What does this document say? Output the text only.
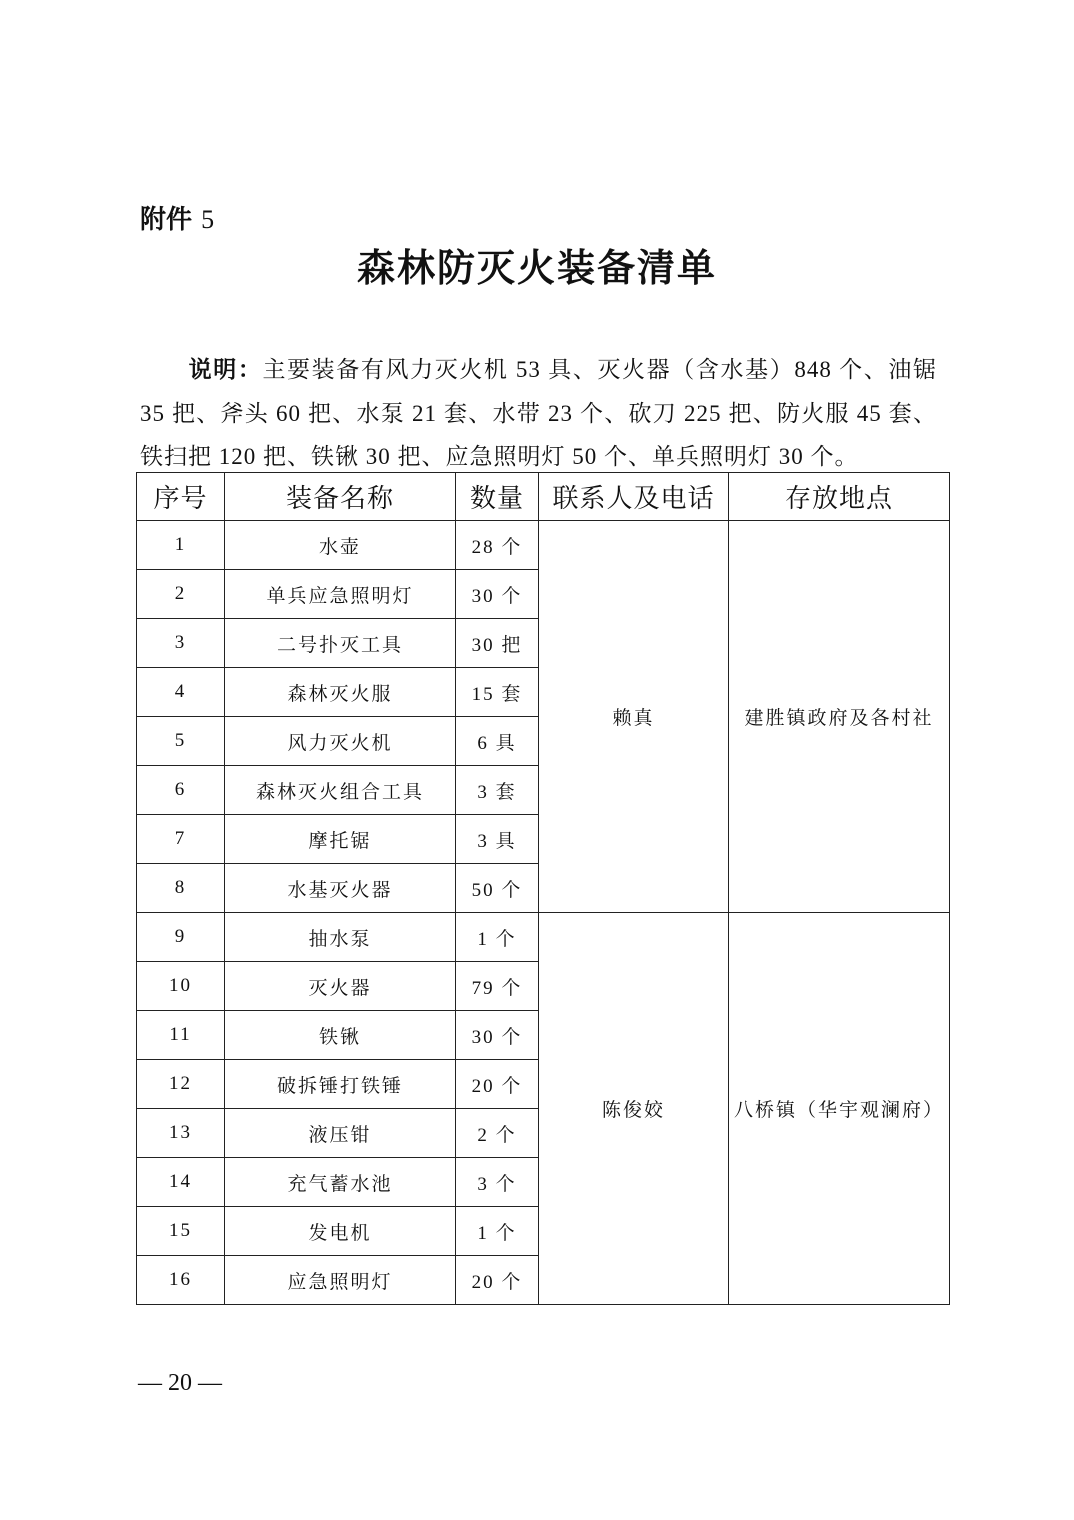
附件 5
森林防灭火装备清单
说明：主要装备有风力灭火机 53 具、灭火器（含水基）848 个、油锯 35 把、斧头 60 把、水泵 21 套、水带 23 个、砍刀 225 把、防火服 45 套、铁扫把 120 把、铁锹 30 把、应急照明灯 50 个、单兵照明灯 30 个。
序号	装备名称	数量	联系人及电话	存放地点
1	水壶	28 个	赖真	建胜镇政府及各村社
2	单兵应急照明灯	30 个		
3	二号扑灭工具	30 把		
4	森林灭火服	15 套		
5	风力灭火机	6 具		
6	森林灭火组合工具	3 套		
7	摩托锯	3 具		
8	水基灭火器	50 个		
9	抽水泵	1 个	陈俊姣	八桥镇（华宇观澜府）
10	灭火器	79 个		
11	铁锹	30 个		
12	破拆锤打铁锤	20 个		
13	液压钳	2 个		
14	充气蓄水池	3 个		
15	发电机	1 个		
16	应急照明灯	20 个		
— 20 —
